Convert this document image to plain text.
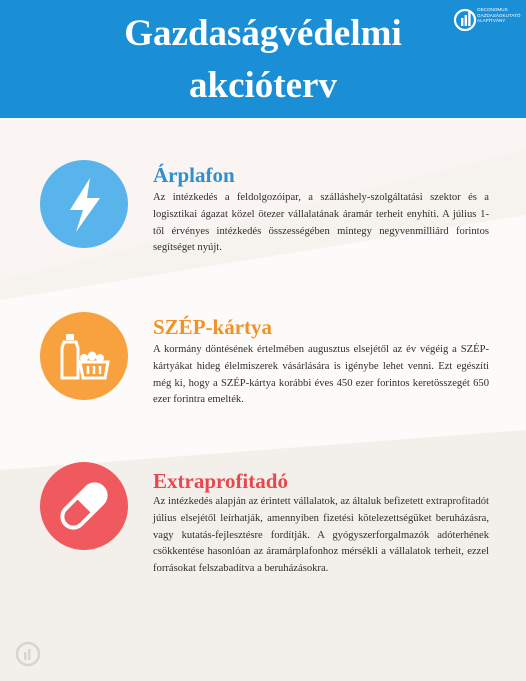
Gazdaságvédelmi
akcióterv
OECONOMUS
GAZDASÁGKUTATÓ
ALAPÍTVÁNY
Árplafon

Az intézkedés a feldolgozóipar, a szálláshely-szolgáltatási szektor és a logisztikai ágazat közel ötezer vállalatának áramár terheit enyhíti. A július 1-től érvényes intézkedés összességében mintegy negyvenmilliárd forintos segítséget nyújt.

SZÉP-kártya

A kormány döntésének értelmében augusztus elsejétől az év végéig a SZÉP-kártyákat hideg élelmiszerek vásárlására is igénybe lehet venni. Ezt egészíti még ki, hogy a SZÉP-kártya korábbi éves 450 ezer forintos keretösszegét 650 ezer forintra emelték.

Extraprofitadó

Az intézkedés alapján az érintett vállalatok, az általuk befizetett extraprofitadót július elsejétől leírhatják, amennyiben fizetési kötelezettségüket beruházásra, vagy kutatás-fejlesztésre fordítják. A gyógyszerforgalmazók adóterhének csökkentése hasonlóan az áramárplafonhoz mérsékli a vállalatok terheit, ezzel forrásokat felszabadítva a beruházásokra.
